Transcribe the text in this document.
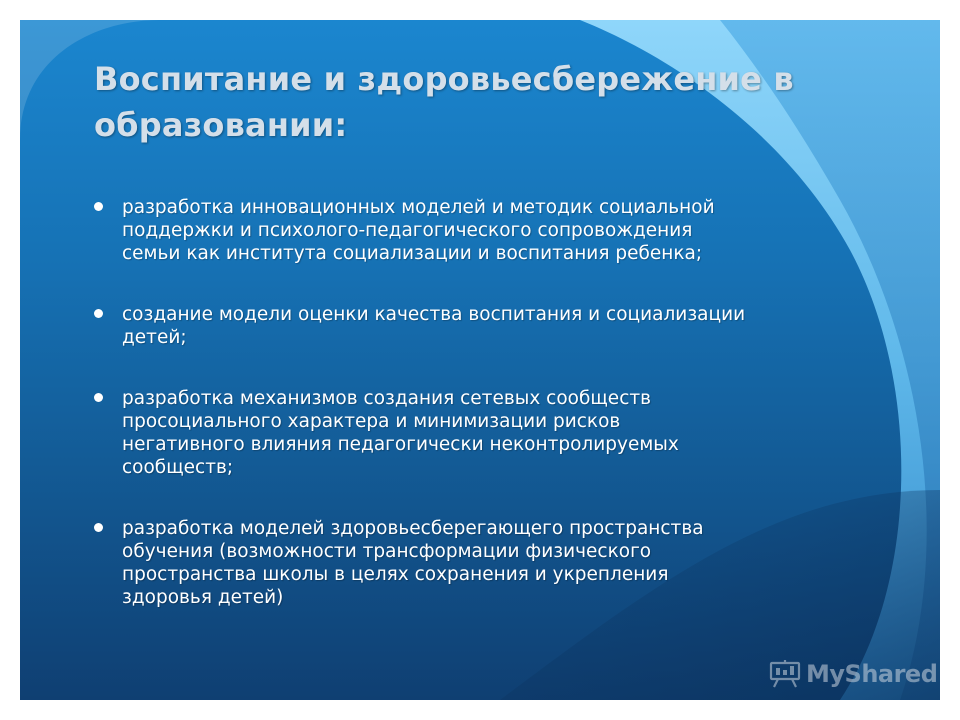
Воспитание и здоровьесбережение в
образовании:
разработка инновационных моделей и методик социальной
поддержки и психолого-педагогического сопровождения
семьи как института социализации и воспитания ребенка;
создание модели оценки качества воспитания и социализации
детей;
разработка механизмов создания сетевых сообществ
просоциального характера и минимизации рисков
негативного влияния педагогически неконтролируемых
сообществ;
разработка моделей здоровьесберегающего пространства
обучения (возможности трансформации физического
пространства школы в целях сохранения и укрепления
здоровья детей)
MyShared
